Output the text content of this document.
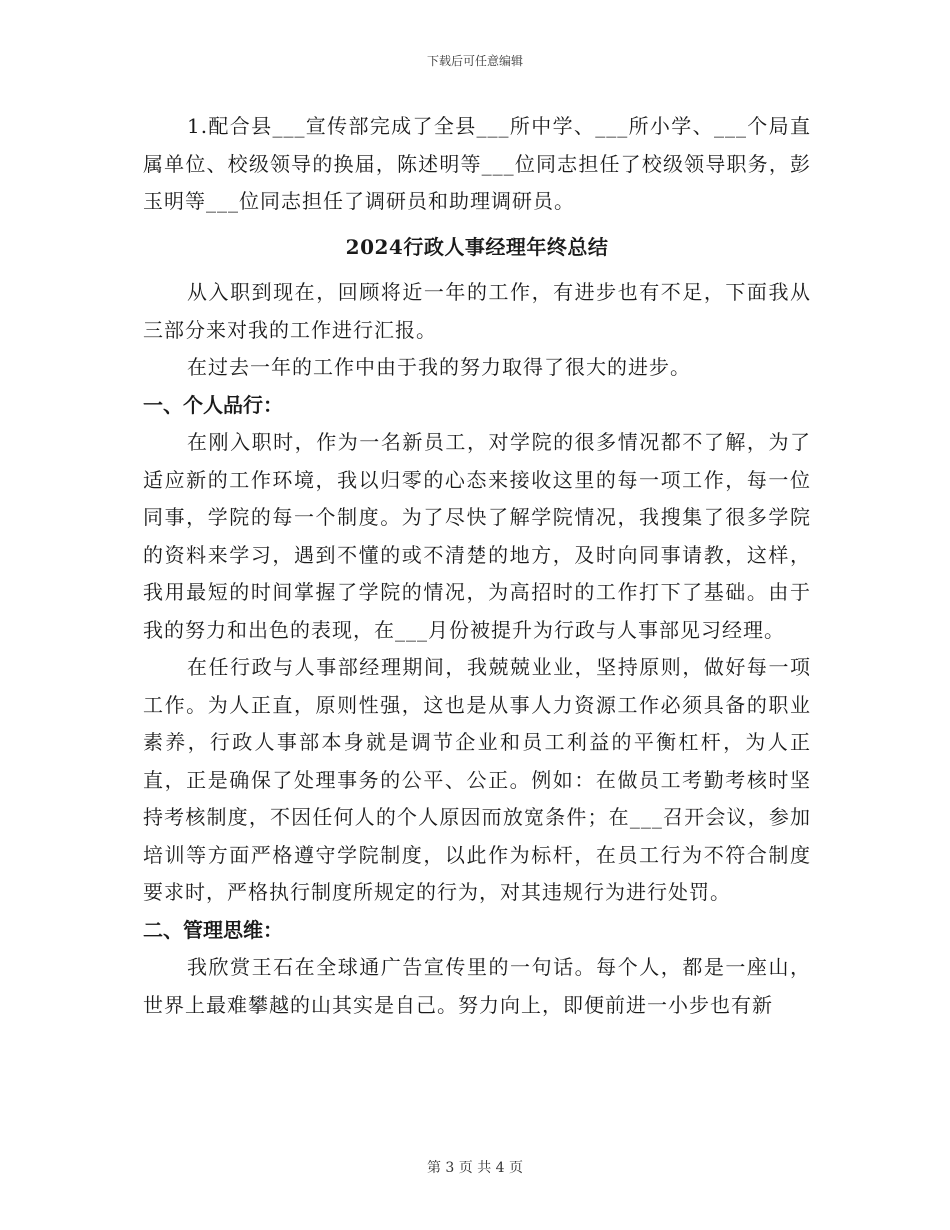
下载后可任意编辑

1.配合县___宣传部完成了全县___所中学、___所小学、___个局直属单位、校级领导的换届，陈述明等___位同志担任了校级领导职务，彭玉明等___位同志担任了调研员和助理调研员。

2024行政人事经理年终总结

从入职到现在，回顾将近一年的工作，有进步也有不足，下面我从三部分来对我的工作进行汇报。

在过去一年的工作中由于我的努力取得了很大的进步。

一、个人品行：

在刚入职时，作为一名新员工，对学院的很多情况都不了解，为了适应新的工作环境，我以归零的心态来接收这里的每一项工作，每一位同事，学院的每一个制度。为了尽快了解学院情况，我搜集了很多学院的资料来学习，遇到不懂的或不清楚的地方，及时向同事请教，这样，我用最短的时间掌握了学院的情况，为高招时的工作打下了基础。由于我的努力和出色的表现，在___月份被提升为行政与人事部见习经理。

在任行政与人事部经理期间，我兢兢业业，坚持原则，做好每一项工作。为人正直，原则性强，这也是从事人力资源工作必须具备的职业素养，行政人事部本身就是调节企业和员工利益的平衡杠杆，为人正直，正是确保了处理事务的公平、公正。例如：在做员工考勤考核时坚持考核制度，不因任何人的个人原因而放宽条件；在___召开会议，参加培训等方面严格遵守学院制度，以此作为标杆，在员工行为不符合制度要求时，严格执行制度所规定的行为，对其违规行为进行处罚。

二、管理思维：

我欣赏王石在全球通广告宣传里的一句话。每个人，都是一座山，世界上最难攀越的山其实是自己。努力向上，即便前进一小步也有新

第 3 页 共 4 页
